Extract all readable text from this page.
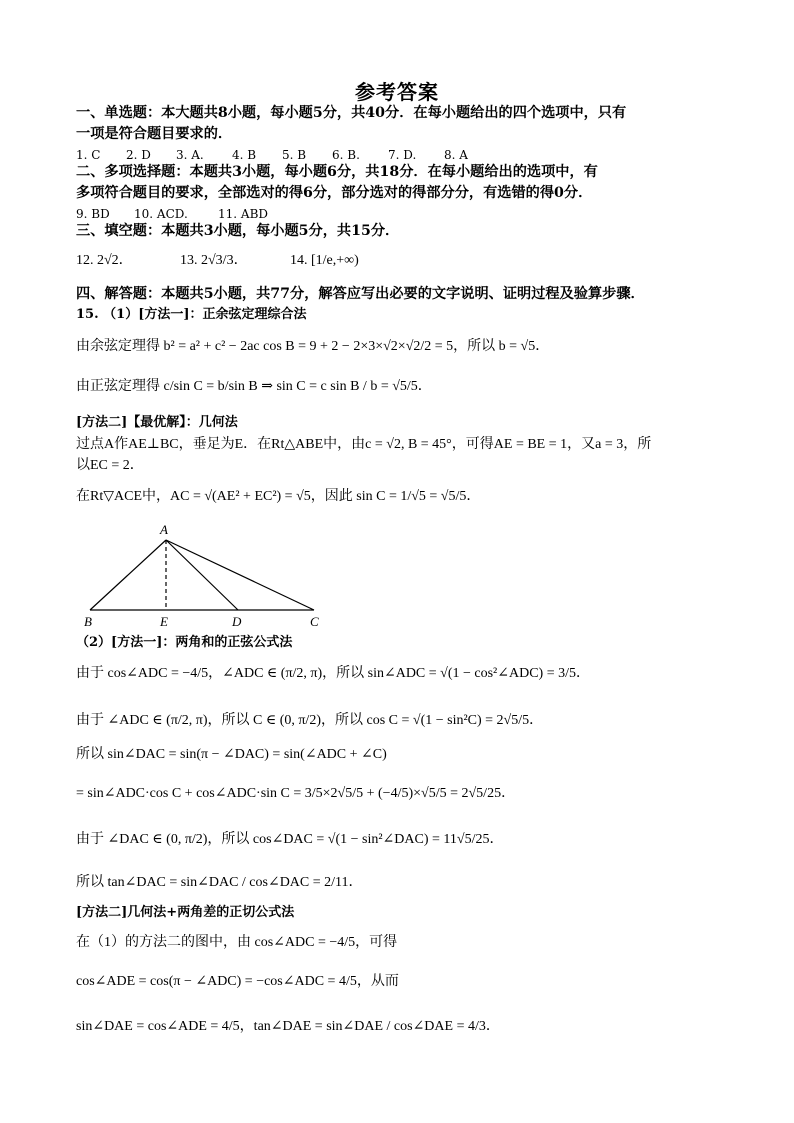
参考答案
一、单选题：本大题共8小题，每小题5分，共40分．在每小题给出的四个选项中，只有
一项是符合题目要求的．
1. C 2. D 3. A. 4. B 5. B 6. B. 7. D. 8. A
二、多项选择题：本题共3小题，每小题6分，共18分．在每小题给出的选项中，有
多项符合题目的要求，全部选对的得6分，部分选对的得部分分，有选错的得0分．
9. BD 10. ACD.	11. ABD
三、填空题：本题共3小题，每小题5分，共15分．
12. 2√2．	13. 2√3/3．	14. [1/e,+∞)
四、解答题：本题共5小题，共77分，解答应写出必要的文字说明、证明过程及验算步骤．
15. （1）[方法一]：正余弦定理综合法
由余弦定理得 b² = a² + c² − 2ac cos B = 9 + 2 − 2×3×√2×√2/2 = 5，所以 b = √5．
由正弦定理得 c/sin C = b/sin B ⇒ sin C = c sin B / b = √5/5．
[方法二]【最优解】：几何法
过点A作AE⊥BC，垂足为E．在Rt△ABE中，由c = √2, B = 45°，可得AE = BE = 1，又a = 3，所
以EC = 2．
在Rt▽ACE中，AC = √(AE² + EC²) = √5，因此 sin C = 1/√5 = √5/5．
A
B	E	D	C
（2）[方法一]：两角和的正弦公式法
由于 cos∠ADC = −4/5，∠ADC ∈ (π/2, π)，所以 sin∠ADC = √(1 − cos²∠ADC) = 3/5．
由于 ∠ADC ∈ (π/2, π)，所以 C ∈ (0, π/2)，所以 cos C = √(1 − sin²C) = 2√5/5．
所以 sin∠DAC = sin(π − ∠DAC) = sin(∠ADC + ∠C)
= sin∠ADC·cos C + cos∠ADC·sin C = 3/5×2√5/5 + (−4/5)×√5/5 = 2√5/25．
由于 ∠DAC ∈ (0, π/2)，所以 cos∠DAC = √(1 − sin²∠DAC) = 11√5/25．
所以 tan∠DAC = sin∠DAC / cos∠DAC = 2/11．
[方法二]几何法+两角差的正切公式法
在（1）的方法二的图中，由 cos∠ADC = −4/5，可得
cos∠ADE = cos(π − ∠ADC) = −cos∠ADC = 4/5，从而
sin∠DAE = cos∠ADE = 4/5，tan∠DAE = sin∠DAE / cos∠DAE = 4/3．
